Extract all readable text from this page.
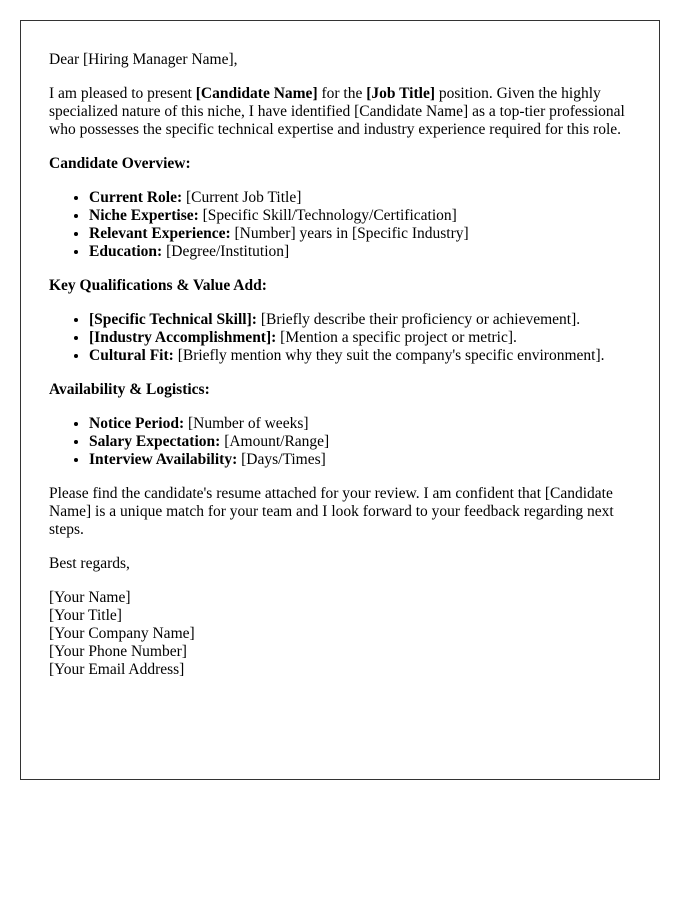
Dear [Hiring Manager Name],

I am pleased to present [Candidate Name] for the [Job Title] position. Given the highly specialized nature of this niche, I have identified [Candidate Name] as a top-tier professional who possesses the specific technical expertise and industry experience required for this role.

Candidate Overview:
• Current Role: [Current Job Title]
• Niche Expertise: [Specific Skill/Technology/Certification]
• Relevant Experience: [Number] years in [Specific Industry]
• Education: [Degree/Institution]
Key Qualifications & Value Add:
• [Specific Technical Skill]: [Briefly describe their proficiency or achievement].
• [Industry Accomplishment]: [Mention a specific project or metric].
• Cultural Fit: [Briefly mention why they suit the company's specific environment].
Availability & Logistics:
• Notice Period: [Number of weeks]
• Salary Expectation: [Amount/Range]
• Interview Availability: [Days/Times]

Please find the candidate's resume attached for your review. I am confident that [Candidate Name] is a unique match for your team and I look forward to your feedback regarding next steps.

Best regards,

[Your Name]
[Your Title]
[Your Company Name]
[Your Phone Number]
[Your Email Address]
